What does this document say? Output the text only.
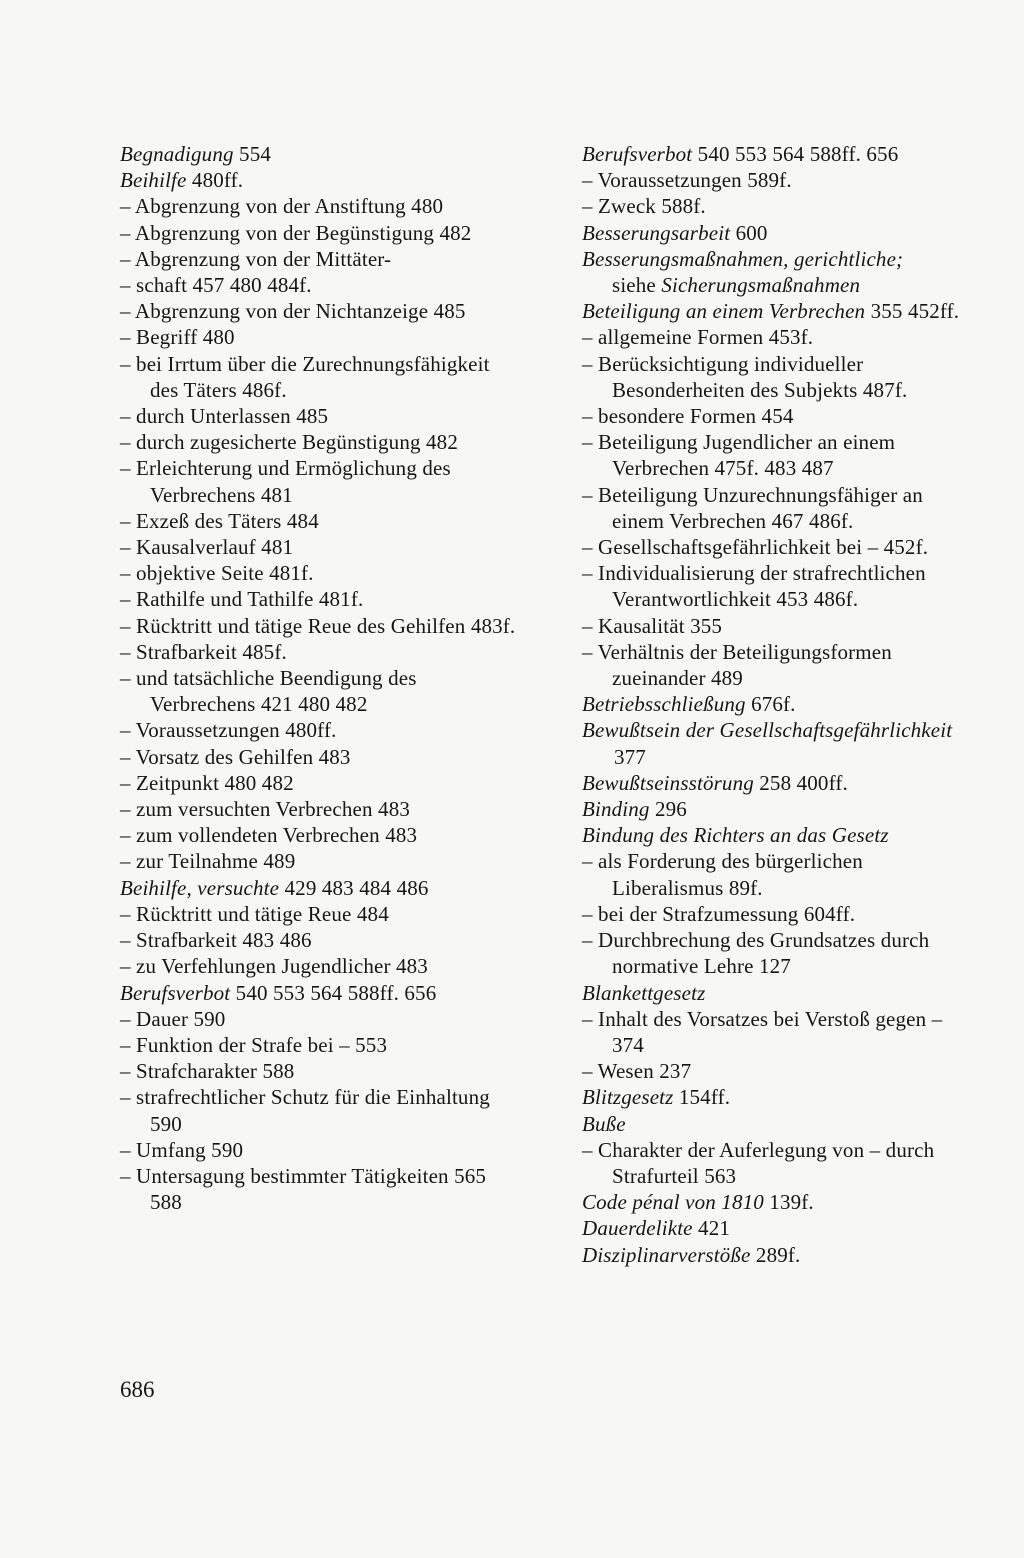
Begnadigung 554

Beihilfe 480ff.

– Abgrenzung von der Anstiftung 480

– Abgrenzung von der Begünstigung 482

– Abgrenzung von der Mittäter-

– schaft 457 480 484f.

– Abgrenzung von der Nichtanzeige 485

– Begriff 480

– bei Irrtum über die Zurechnungsfähigkeit des Täters 486f.

– durch Unterlassen 485

– durch zugesicherte Begünstigung 482

– Erleichterung und Ermöglichung des Verbrechens 481

– Exzeß des Täters 484

– Kausalverlauf 481

– objektive Seite 481f.

– Rathilfe und Tathilfe 481f.

– Rücktritt und tätige Reue des Gehilfen 483f.

– Strafbarkeit 485f.

– und tatsächliche Beendigung des Verbrechens 421 480 482

– Voraussetzungen 480ff.

– Vorsatz des Gehilfen 483

– Zeitpunkt 480 482

– zum versuchten Verbrechen 483

– zum vollendeten Verbrechen 483

– zur Teilnahme 489

Beihilfe, versuchte 429 483 484 486

– Rücktritt und tätige Reue 484

– Strafbarkeit 483 486

– zu Verfehlungen Jugendlicher 483

Berufsverbot 540 553 564 588ff. 656

– Dauer 590

– Funktion der Strafe bei – 553

– Strafcharakter 588

– strafrechtlicher Schutz für die Einhaltung 590

– Umfang 590

– Untersagung bestimmter Tätigkeiten 565 588

Berufsverbot 540 553 564 588ff. 656

– Voraussetzungen 589f.

– Zweck 588f.

Besserungsarbeit 600

Besserungsmaßnahmen, gerichtliche;

siehe Sicherungsmaßnahmen

Beteiligung an einem Verbrechen 355 452ff.

– allgemeine Formen 453f.

– Berücksichtigung individueller Besonderheiten des Subjekts 487f.

– besondere Formen 454

– Beteiligung Jugendlicher an einem Verbrechen 475f. 483 487

– Beteiligung Unzurechnungsfähiger an einem Verbrechen 467 486f.

– Gesellschaftsgefährlichkeit bei – 452f.

– Individualisierung der strafrechtlichen Verantwortlichkeit 453 486f.

– Kausalität 355

– Verhältnis der Beteiligungsformen zueinander 489

Betriebsschließung 676f.

Bewußtsein der Gesellschaftsgefährlichkeit 377

Bewußtseinsstörung 258 400ff.

Binding 296

Bindung des Richters an das Gesetz

– als Forderung des bürgerlichen Liberalismus 89f.

– bei der Strafzumessung 604ff.

– Durchbrechung des Grundsatzes durch normative Lehre 127

Blankettgesetz

– Inhalt des Vorsatzes bei Verstoß gegen – 374

– Wesen 237

Blitzgesetz 154ff.

Buße

– Charakter der Auferlegung von – durch Strafurteil 563

Code pénal von 1810 139f.

Dauerdelikte 421

Disziplinarverstöße 289f.

686
